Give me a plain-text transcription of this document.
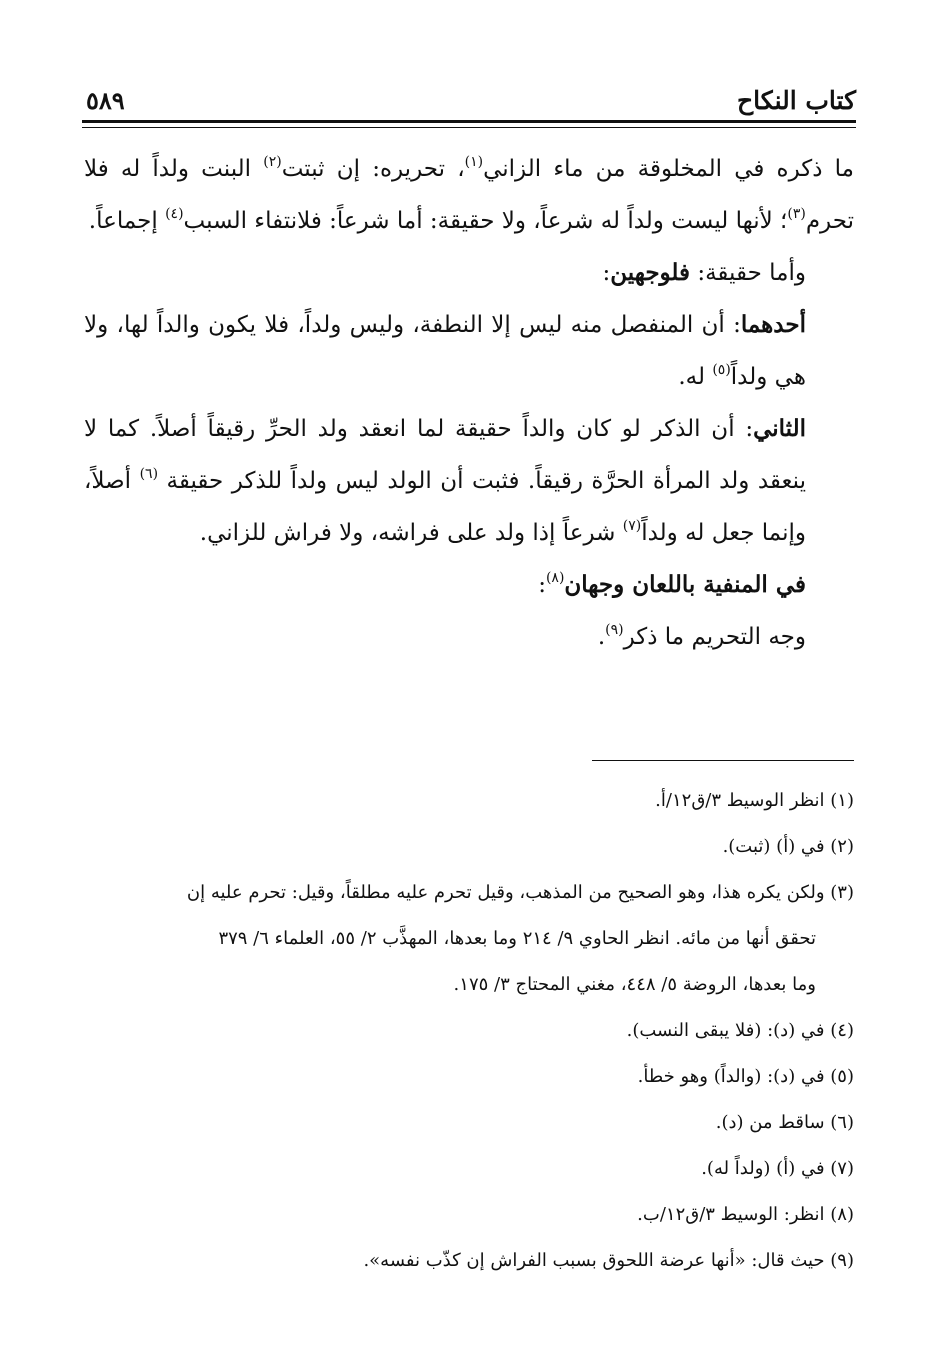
كتاب النكاح
٥٨٩

ما ذكره في المخلوقة من ماء الزاني$^{(١)}$، تحريره: إن ثبتت$^{(٢)}$ البنت ولداً له فلا تحرم$^{(٣)}$؛ لأنها ليست ولداً له شرعاً، ولا حقيقة: أما شرعاً: فلانتفاء السبب$^{(٤)}$ إجماعاً.

وأما حقيقة: فلوجهين:

أحدهما: أن المنفصل منه ليس إلا النطفة، وليس ولداً، فلا يكون والداً لها، ولا هي ولداً$^{(٥)}$ له.

الثاني: أن الذكر لو كان والداً حقيقة لما انعقد ولد الحرِّ رقيقاً أصلاً. كما لا ينعقد ولد المرأة الحرَّة رقيقاً. فثبت أن الولد ليس ولداً للذكر حقيقة $^{(٦)}$ أصلاً، وإنما جعل له ولداً$^{(٧)}$ شرعاً إذا ولد على فراشه، ولا فراش للزاني.

في المنفية باللعان وجهان$^{(٨)}$:

وجه التحريم ما ذكر$^{(٩)}$.

(١) انظر الوسيط ٣/ق١٢/أ.

(٢) في (أ) (ثبت).

(٣) ولكن يكره هذا، وهو الصحيح من المذهب، وقيل تحرم عليه مطلقاً، وقيل: تحرم عليه إن

تحقق أنها من مائه. انظر الحاوي ٩/ ٢١٤ وما بعدها، المهذَّب ٢/ ٥٥، العلماء ٦/ ٣٧٩

وما بعدها، الروضة ٥/ ٤٤٨، مغني المحتاج ٣/ ١٧٥.

(٤) في (د): (فلا يبقى النسب).

(٥) في (د): (والداً) وهو خطأ.

(٦) ساقط من (د).

(٧) في (أ) (ولداً له).

(٨) انظر: الوسيط ٣/ق١٢/ب.

(٩) حيث قال: «أنها عرضة اللحوق بسبب الفراش إن كذّب نفسه».
